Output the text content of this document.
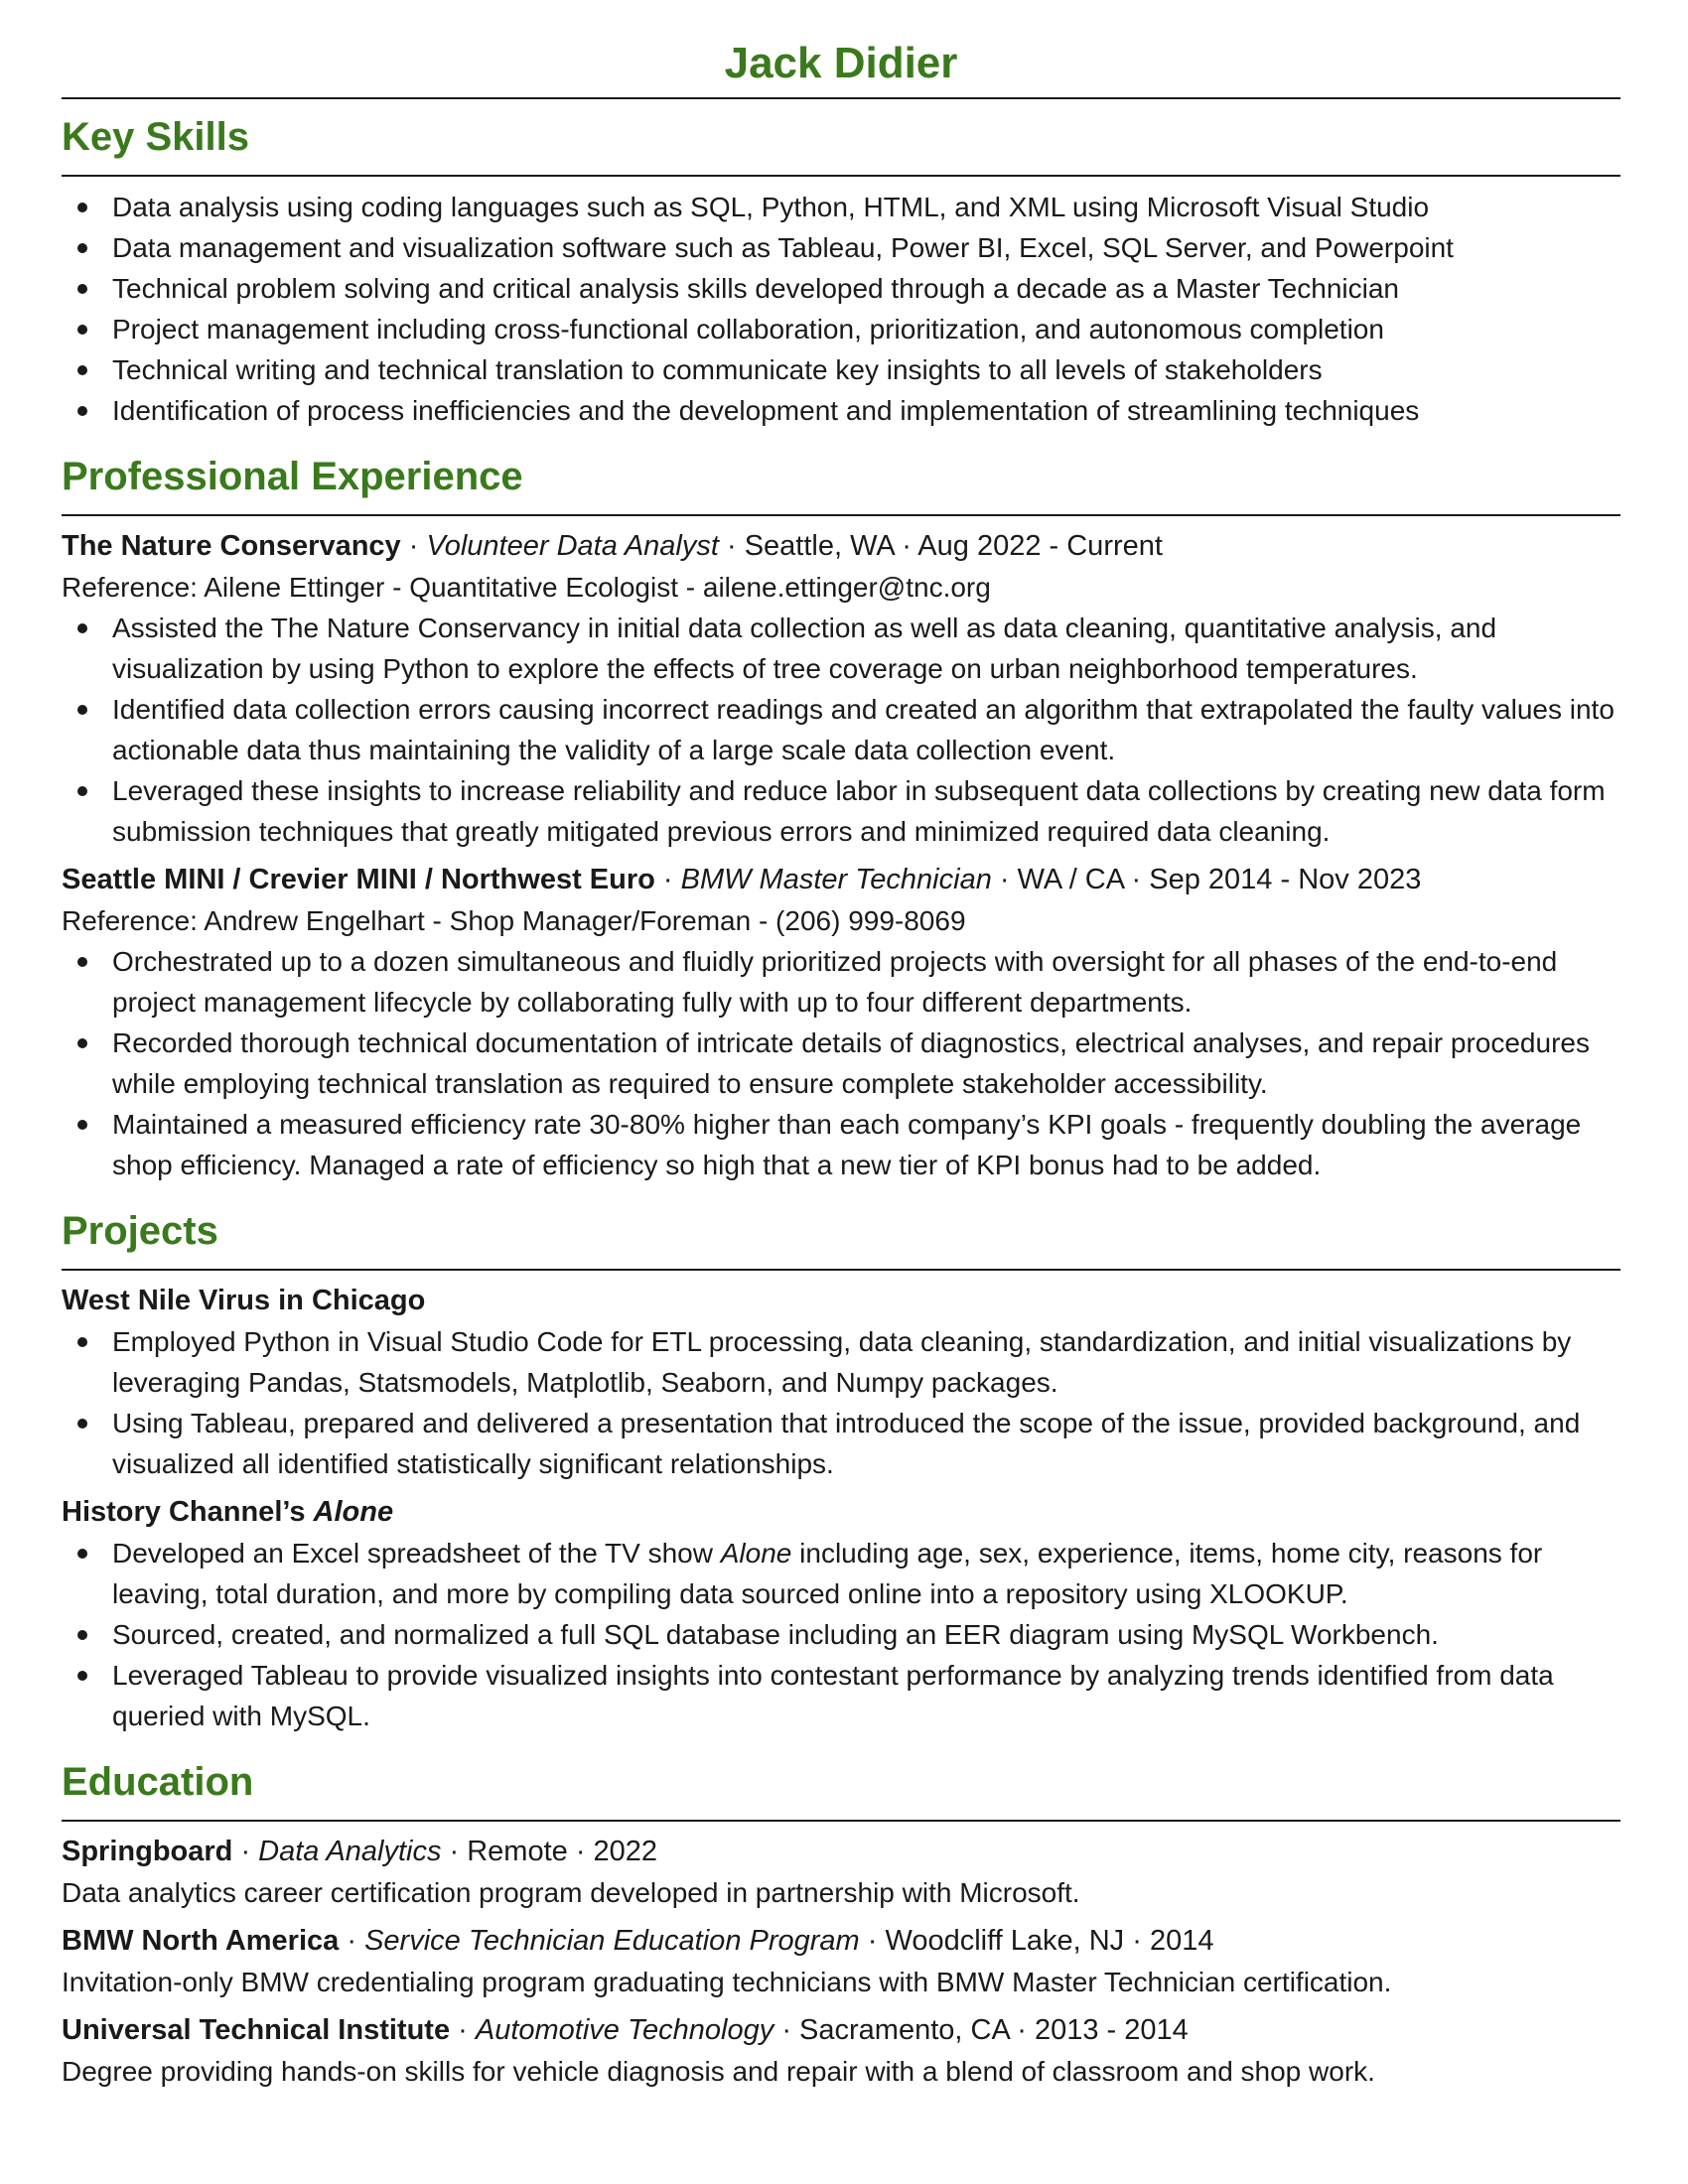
Jack Didier
Key Skills
Data analysis using coding languages such as SQL, Python, HTML, and XML using Microsoft Visual Studio
Data management and visualization software such as Tableau, Power BI, Excel, SQL Server, and Powerpoint
Technical problem solving and critical analysis skills developed through a decade as a Master Technician
Project management including cross-functional collaboration, prioritization, and autonomous completion
Technical writing and technical translation to communicate key insights to all levels of stakeholders
Identification of process inefficiencies and the development and implementation of streamlining techniques
Professional Experience

The Nature Conservancy · Volunteer Data Analyst · Seattle, WA · Aug 2022 - Current

Reference: Ailene Ettinger - Quantitative Ecologist - ailene.ettinger@tnc.org

Assisted the The Nature Conservancy in initial data collection as well as data cleaning, quantitative analysis, and visualization by using Python to explore the effects of tree coverage on urban neighborhood temperatures.
Identified data collection errors causing incorrect readings and created an algorithm that extrapolated the faulty values into actionable data thus maintaining the validity of a large scale data collection event.
Leveraged these insights to increase reliability and reduce labor in subsequent data collections by creating new data form submission techniques that greatly mitigated previous errors and minimized required data cleaning.

Seattle MINI / Crevier MINI / Northwest Euro · BMW Master Technician · WA / CA · Sep 2014 - Nov 2023

Reference: Andrew Engelhart - Shop Manager/Foreman - (206) 999-8069

Orchestrated up to a dozen simultaneous and fluidly prioritized projects with oversight for all phases of the end-to-end project management lifecycle by collaborating fully with up to four different departments.
Recorded thorough technical documentation of intricate details of diagnostics, electrical analyses, and repair procedures while employing technical translation as required to ensure complete stakeholder accessibility.
Maintained a measured efficiency rate 30-80% higher than each company’s KPI goals - frequently doubling the average shop efficiency. Managed a rate of efficiency so high that a new tier of KPI bonus had to be added.
Projects

West Nile Virus in Chicago

Employed Python in Visual Studio Code for ETL processing, data cleaning, standardization, and initial visualizations by leveraging Pandas, Statsmodels, Matplotlib, Seaborn, and Numpy packages.
Using Tableau, prepared and delivered a presentation that introduced the scope of the issue, provided background, and visualized all identified statistically significant relationships.

History Channel’s Alone

Developed an Excel spreadsheet of the TV show Alone including age, sex, experience, items, home city, reasons for leaving, total duration, and more by compiling data sourced online into a repository using XLOOKUP.
Sourced, created, and normalized a full SQL database including an EER diagram using MySQL Workbench.
Leveraged Tableau to provide visualized insights into contestant performance by analyzing trends identified from data queried with MySQL.
Education

Springboard · Data Analytics · Remote · 2022

Data analytics career certification program developed in partnership with Microsoft.

BMW North America · Service Technician Education Program · Woodcliff Lake, NJ · 2014

Invitation-only BMW credentialing program graduating technicians with BMW Master Technician certification.

Universal Technical Institute · Automotive Technology · Sacramento, CA · 2013 - 2014

Degree providing hands-on skills for vehicle diagnosis and repair with a blend of classroom and shop work.
